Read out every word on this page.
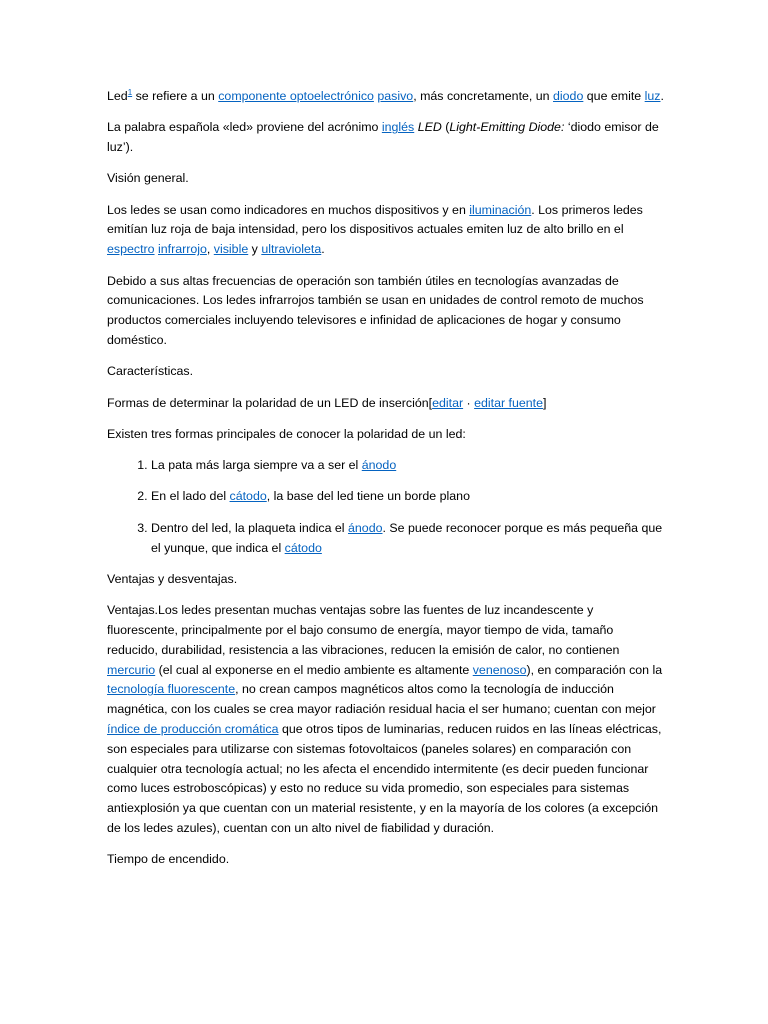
Led$^1$ se refiere a un componente optoelectrónico pasivo, más concretamente, un diodo que emite luz.

La palabra española «led» proviene del acrónimo inglés LED (Light-Emitting Diode: ‘diodo emisor de luz’).

Visión general.

Los ledes se usan como indicadores en muchos dispositivos y en iluminación. Los primeros ledes emitían luz roja de baja intensidad, pero los dispositivos actuales emiten luz de alto brillo en el espectro infrarrojo, visible y ultravioleta.

Debido a sus altas frecuencias de operación son también útiles en tecnologías avanzadas de comunicaciones. Los ledes infrarrojos también se usan en unidades de control remoto de muchos productos comerciales incluyendo televisores e infinidad de aplicaciones de hogar y consumo doméstico.

Características.

Formas de determinar la polaridad de un LED de inserción[editar · editar fuente]

Existen tres formas principales de conocer la polaridad de un led:

1. La pata más larga siempre va a ser el ánodo
2. En el lado del cátodo, la base del led tiene un borde plano
3. Dentro del led, la plaqueta indica el ánodo. Se puede reconocer porque es más pequeña que el yunque, que indica el cátodo

Ventajas y desventajas.

Ventajas.Los ledes presentan muchas ventajas sobre las fuentes de luz incandescente y fluorescente, principalmente por el bajo consumo de energía, mayor tiempo de vida, tamaño reducido, durabilidad, resistencia a las vibraciones, reducen la emisión de calor, no contienen mercurio (el cual al exponerse en el medio ambiente es altamente venenoso), en comparación con la tecnología fluorescente, no crean campos magnéticos altos como la tecnología de inducción magnética, con los cuales se crea mayor radiación residual hacia el ser humano; cuentan con mejor índice de producción cromática que otros tipos de luminarias, reducen ruidos en las líneas eléctricas, son especiales para utilizarse con sistemas fotovoltaicos (paneles solares) en comparación con cualquier otra tecnología actual; no les afecta el encendido intermitente (es decir pueden funcionar como luces estroboscópicas) y esto no reduce su vida promedio, son especiales para sistemas antiexplosión ya que cuentan con un material resistente, y en la mayoría de los colores (a excepción de los ledes azules), cuentan con un alto nivel de fiabilidad y duración.

Tiempo de encendido.
